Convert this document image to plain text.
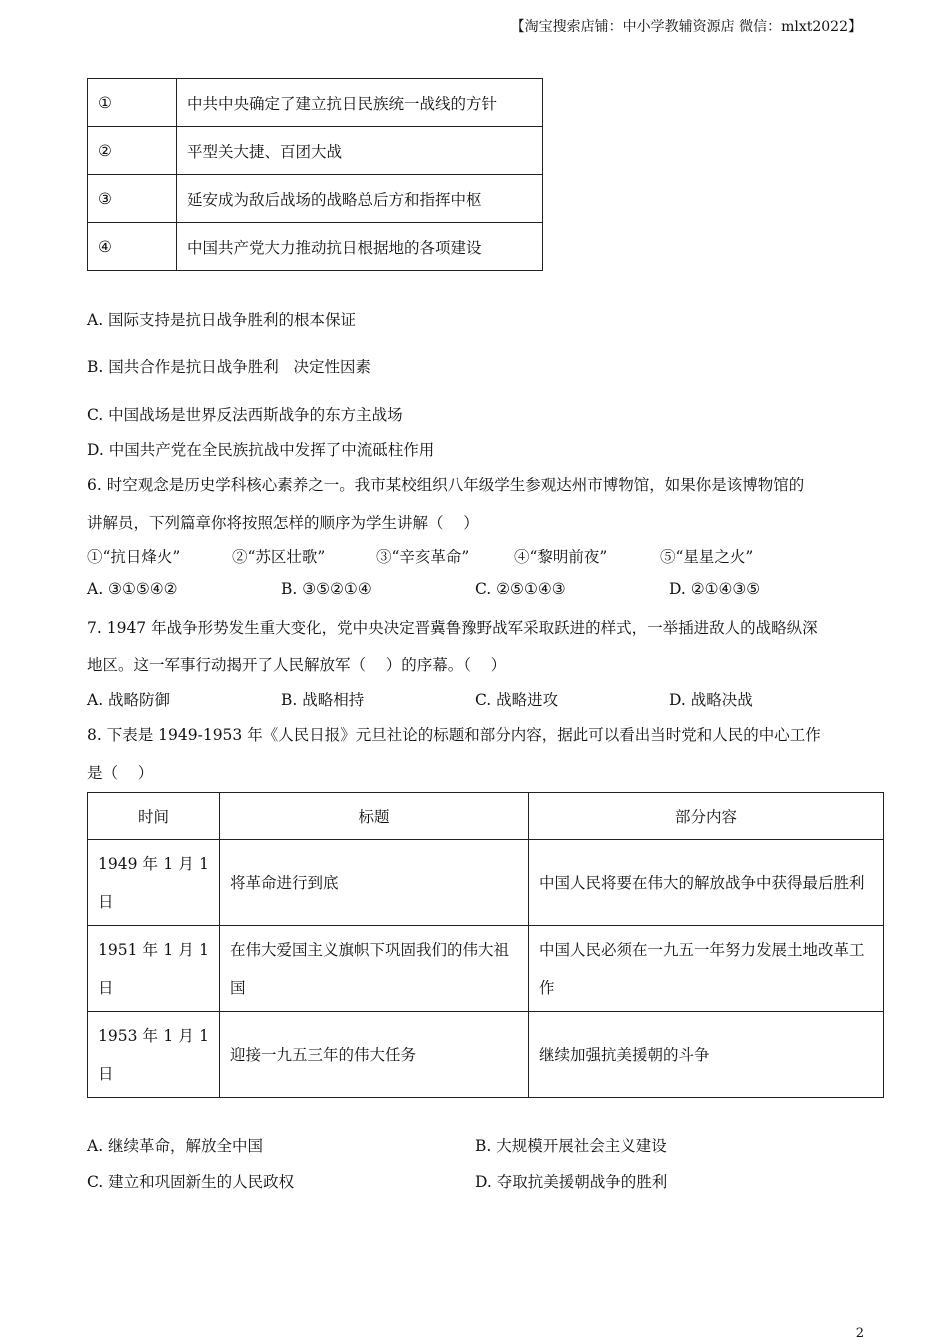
【淘宝搜索店铺：中小学教辅资源店 微信：mlxt2022】
①	中共中央确定了建立抗日民族统一战线的方针
②	平型关大捷、百团大战
③	延安成为敌后战场的战略总后方和指挥中枢
④	中国共产党大力推动抗日根据地的各项建设
A. 国际支持是抗日战争胜利的根本保证
B. 国共合作是抗日战争胜利   决定性因素
C. 中国战场是世界反法西斯战争的东方主战场
D. 中国共产党在全民族抗战中发挥了中流砥柱作用
6. 时空观念是历史学科核心素养之一。我市某校组织八年级学生参观达州市博物馆，如果你是该博物馆的
讲解员，下列篇章你将按照怎样的顺序为学生讲解（    ）
①“抗日烽火”	②“苏区壮歌”	③“辛亥革命”	④“黎明前夜”	⑤“星星之火”
A. ③①⑤④②	B. ③⑤②①④	C. ②⑤①④③	D. ②①④③⑤
7. 1947 年战争形势发生重大变化，党中央决定晋冀鲁豫野战军采取跃进的样式，一举插进敌人的战略纵深
地区。这一军事行动揭开了人民解放军（    ）的序幕。（    ）
A. 战略防御	B. 战略相持	C. 战略进攻	D. 战略决战
8. 下表是 1949-1953 年《人民日报》元旦社论的标题和部分内容，据此可以看出当时党和人民的中心工作
是（    ）
时间	标题	部分内容
1949 年 1 月 1 日	将革命进行到底	中国人民将要在伟大的解放战争中获得最后胜利
1951 年 1 月 1 日	在伟大爱国主义旗帜下巩固我们的伟大祖国	中国人民必须在一九五一年努力发展土地改革工作
1953 年 1 月 1 日	迎接一九五三年的伟大任务	继续加强抗美援朝的斗争
A. 继续革命，解放全中国	B. 大规模开展社会主义建设
C. 建立和巩固新生的人民政权	D. 夺取抗美援朝战争的胜利
2
